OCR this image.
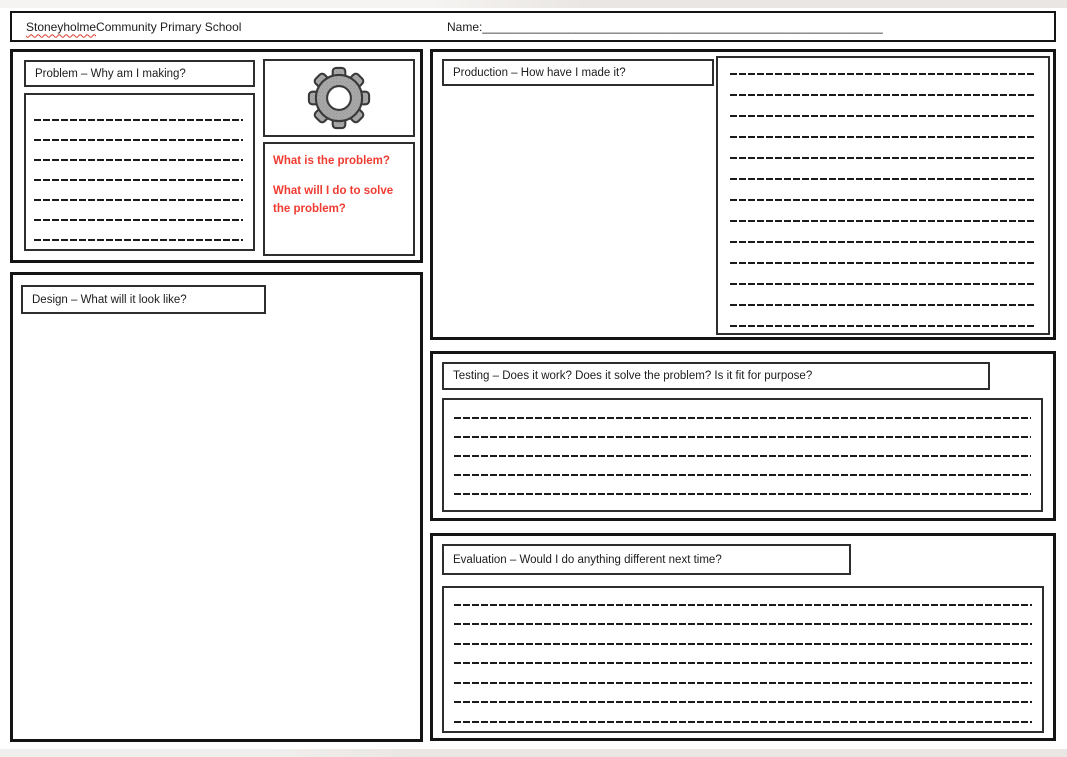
Stoneyholme Community Primary School	Name: ____________________________________________________________
Problem – Why am I making?

What is the problem?

What will I do to solve the problem?

Design – What will it look like?
Production – How have I made it?
Testing – Does it work? Does it solve the problem? Is it fit for purpose?
Evaluation – Would I do anything different next time?
